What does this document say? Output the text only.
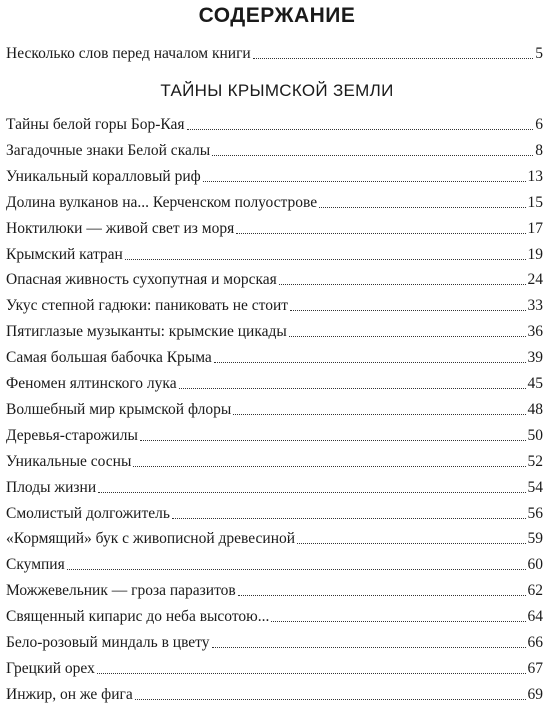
СОДЕРЖАНИЕ
Несколько слов перед началом книги	5
ТАЙНЫ КРЫМСКОЙ ЗЕМЛИ
Тайны белой горы Бор-Кая	6
Загадочные знаки Белой скалы	8
Уникальный коралловый риф	13
Долина вулканов на... Керченском полуострове	15
Ноктилюки — живой свет из моря	17
Крымский катран	19
Опасная живность сухопутная и морская	24
Укус степной гадюки: паниковать не стоит	33
Пятиглазые музыканты: крымские цикады	36
Самая большая бабочка Крыма	39
Феномен ялтинского лука	45
Волшебный мир крымской флоры	48
Деревья-старожилы	50
Уникальные сосны	52
Плоды жизни	54
Смолистый долгожитель	56
«Кормящий» бук с живописной древесиной	59
Скумпия	60
Можжевельник — гроза паразитов	62
Священный кипарис до неба высотою...	64
Бело-розовый миндаль в цвету	66
Грецкий орех	67
Инжир, он же фига	69
